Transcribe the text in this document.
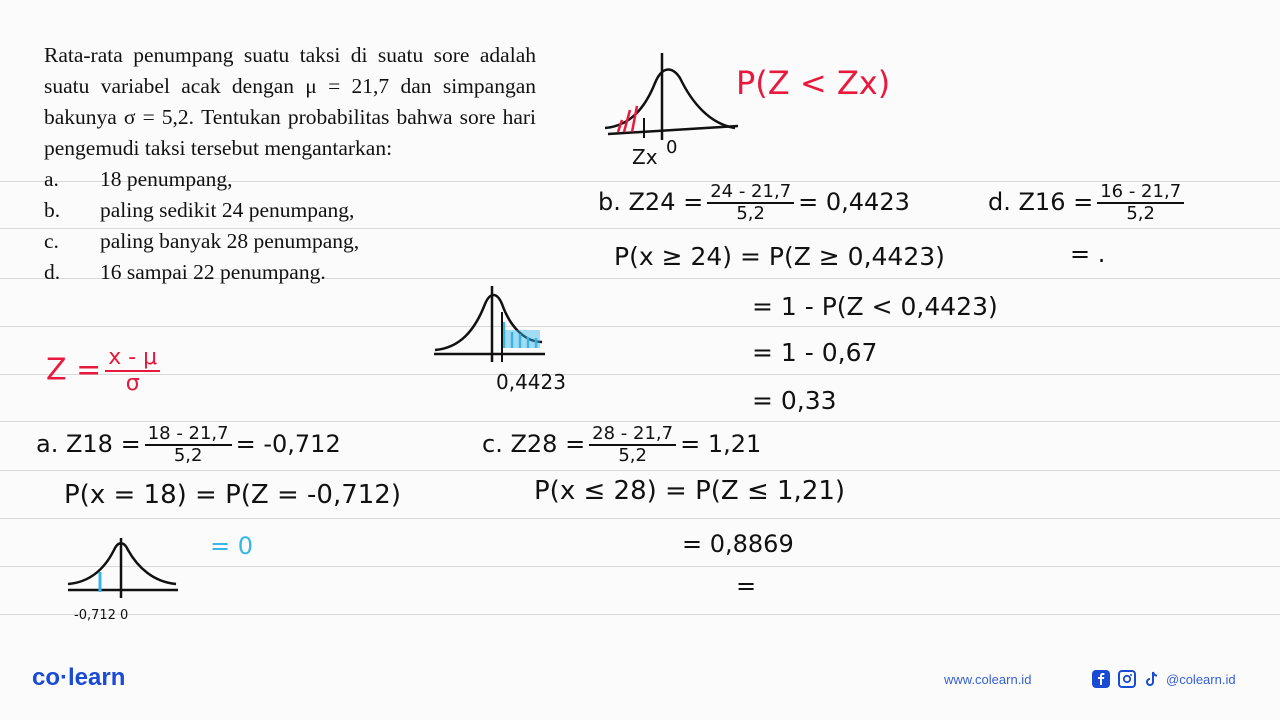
Rata-rata penumpang suatu taksi di suatu sore adalah suatu variabel acak dengan μ = 21,7 dan simpangan bakunya σ = 5,2. Tentukan probabilitas bahwa sore hari pengemudi taksi tersebut mengantarkan:

a.	18 penumpang,
b.	paling sedikit 24 penumpang,
c.	paling banyak 28 penumpang,
d.	16 sampai 22 penumpang.
Zx 0
P(Z < Zx)
b. $Z24 = \frac{24 - 21,7}{5,2} = 0,4423$
P(x ≥ 24) = P(Z ≥ 0,4423)
= 1 - P(Z < 0,4423)
= 1 - 0,67
= 0,33
0,4423
d. $Z16 = \frac{16 - 21,7}{5,2}$
= .
$Z = \frac{x - \mu}{\sigma}$
a. $Z18 = \frac{18 - 21,7}{5,2} = -0,712$
P(x = 18) = P(Z = -0,712)
= 0
-0,712 0
c. $Z28 = \frac{28 - 21,7}{5,2} = 1,21$
P(x ≤ 28) = P(Z ≤ 1,21)
= 0,8869
=
co·learn	www.colearn.id	@colearn.id
